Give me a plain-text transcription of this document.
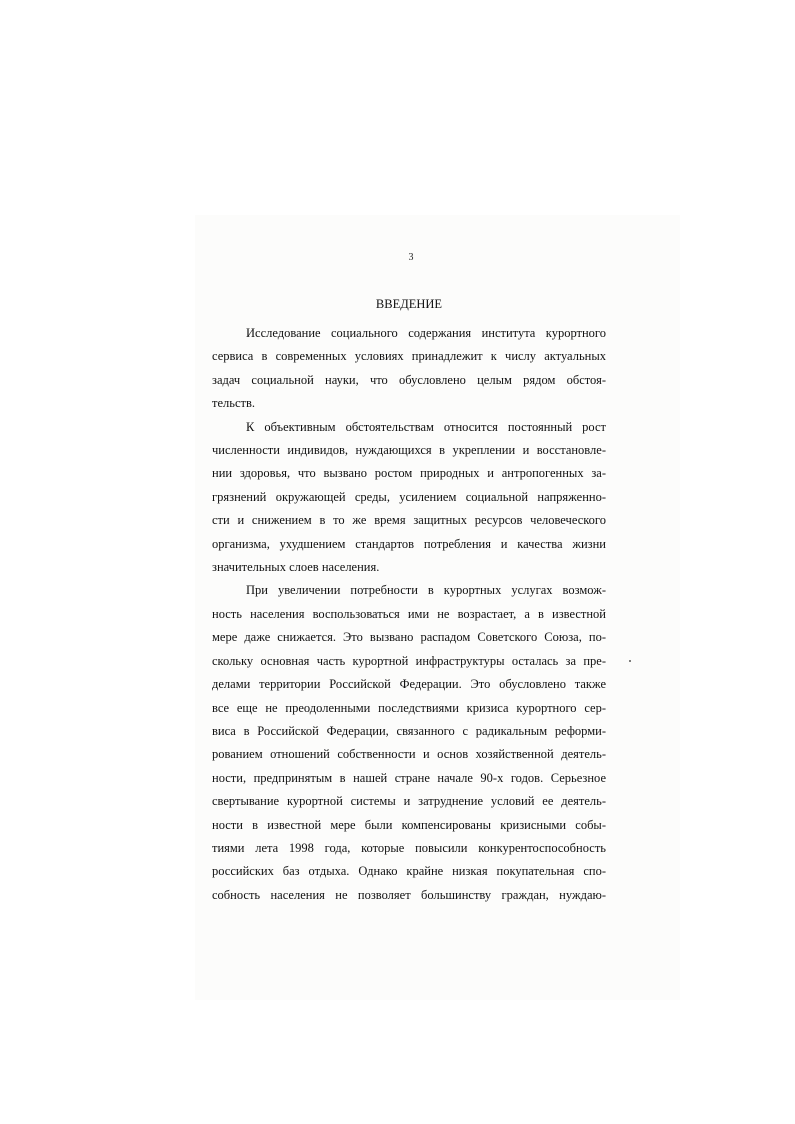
3
ВВЕДЕНИЕ
Исследование социального содержания института курортного
сервиса в современных условиях принадлежит к числу актуальных
задач социальной науки, что обусловлено целым рядом обстоя-
тельств.
К объективным обстоятельствам относится постоянный рост
численности индивидов, нуждающихся в укреплении и восстановле-
нии здоровья, что вызвано ростом природных и антропогенных за-
грязнений окружающей среды, усилением социальной напряженно-
сти и снижением в то же время защитных ресурсов человеческого
организма, ухудшением стандартов потребления и качества жизни
значительных слоев населения.
При увеличении потребности в курортных услугах возмож-
ность населения воспользоваться ими не возрастает, а в известной
мере даже снижается. Это вызвано распадом Советского Союза, по-
скольку основная часть курортной инфраструктуры осталась за пре-
делами территории Российской Федерации. Это обусловлено также
все еще не преодоленными последствиями кризиса курортного сер-
виса в Российской Федерации, связанного с радикальным реформи-
рованием отношений собственности и основ хозяйственной деятель-
ности, предпринятым в нашей стране начале 90-х годов. Серьезное
свертывание курортной системы и затруднение условий ее деятель-
ности в известной мере были компенсированы кризисными собы-
тиями лета 1998 года, которые повысили конкурентоспособность
российских баз отдыха. Однако крайне низкая покупательная спо-
собность населения не позволяет большинству граждан, нуждаю-
